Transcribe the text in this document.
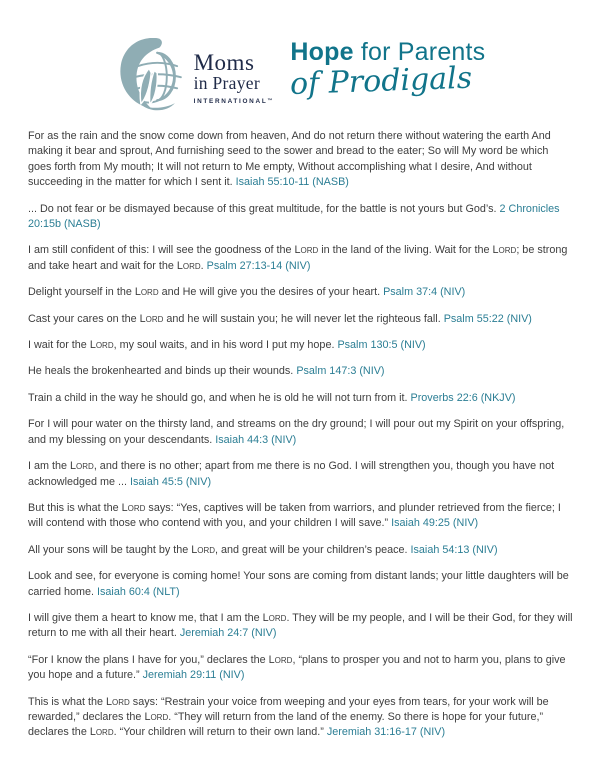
Moms
in Prayer
INTERNATIONAL™
Hope for Parents
of Prodigals

For as the rain and the snow come down from heaven, And do not return there without watering the earth And making it bear and sprout, And furnishing seed to the sower and bread to the eater; So will My word be which goes forth from My mouth; It will not return to Me empty, Without accomplishing what I desire, And without succeeding in the matter for which I sent it. Isaiah 55:10-11 (NASB)

... Do not fear or be dismayed because of this great multitude, for the battle is not yours but God’s. 2 Chronicles 20:15b (NASB)

I am still confident of this: I will see the goodness of the Lord in the land of the living. Wait for the Lord; be strong and take heart and wait for the Lord. Psalm 27:13-14 (NIV)

Delight yourself in the Lord and He will give you the desires of your heart. Psalm 37:4 (NIV)

Cast your cares on the Lord and he will sustain you; he will never let the righteous fall. Psalm 55:22 (NIV)

I wait for the Lord, my soul waits, and in his word I put my hope. Psalm 130:5 (NIV)

He heals the brokenhearted and binds up their wounds. Psalm 147:3 (NIV)

Train a child in the way he should go, and when he is old he will not turn from it. Proverbs 22:6 (NKJV)

For I will pour water on the thirsty land, and streams on the dry ground; I will pour out my Spirit on your offspring, and my blessing on your descendants. Isaiah 44:3 (NIV)

I am the Lord, and there is no other; apart from me there is no God. I will strengthen you, though you have not acknowledged me ... Isaiah 45:5 (NIV)

But this is what the Lord says: “Yes, captives will be taken from warriors, and plunder retrieved from the fierce; I will contend with those who contend with you, and your children I will save.” Isaiah 49:25 (NIV)

All your sons will be taught by the Lord, and great will be your children’s peace. Isaiah 54:13 (NIV)

Look and see, for everyone is coming home! Your sons are coming from distant lands; your little daughters will be carried home. Isaiah 60:4 (NLT)

I will give them a heart to know me, that I am the Lord. They will be my people, and I will be their God, for they will return to me with all their heart. Jeremiah 24:7 (NIV)

“For I know the plans I have for you,” declares the Lord, “plans to prosper you and not to harm you, plans to give you hope and a future.” Jeremiah 29:11 (NIV)

This is what the Lord says: “Restrain your voice from weeping and your eyes from tears, for your work will be rewarded,” declares the Lord. “They will return from the land of the enemy. So there is hope for your future,” declares the Lord. “Your children will return to their own land.” Jeremiah 31:16-17 (NIV)
